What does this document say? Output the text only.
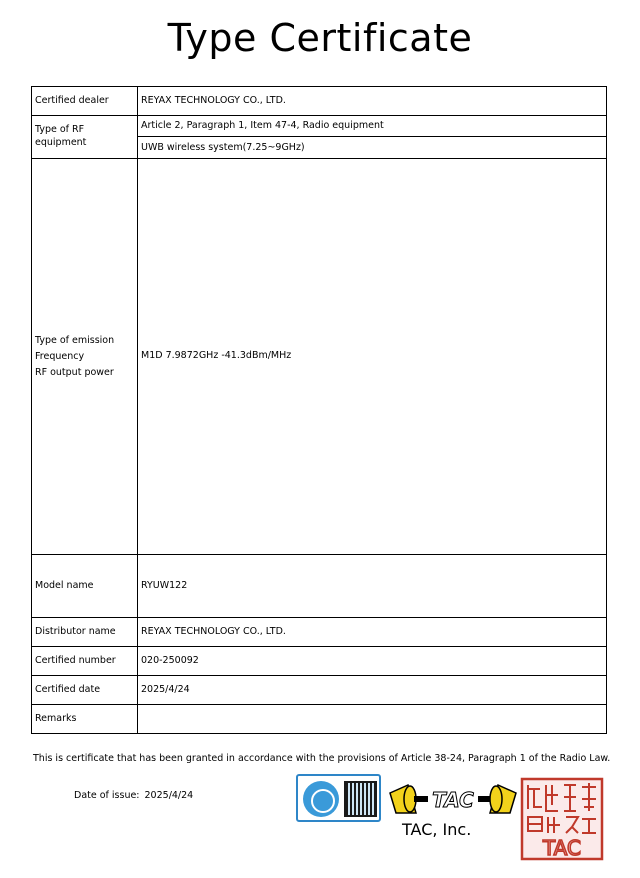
Type Certificate
Certified dealer	REYAX TECHNOLOGY CO., LTD.
Type of RF equipment	Article 2, Paragraph 1, Item 47-4, Radio equipment
UWB wireless system(7.25~9GHz)

Type of emission
Frequency
RF output power	M1D 7.9872GHz -41.3dBm/MHz
Model name	RYUW122
Distributor name	REYAX TECHNOLOGY CO., LTD.
Certified number	020-250092
Certified date	2025/4/24
Remarks	
This is certificate that has been granted in accordance with the provisions of Article 38-24, Paragraph 1 of the Radio Law.
Date of issue: 2025/4/24	TAC
TAC, Inc.
TAC
